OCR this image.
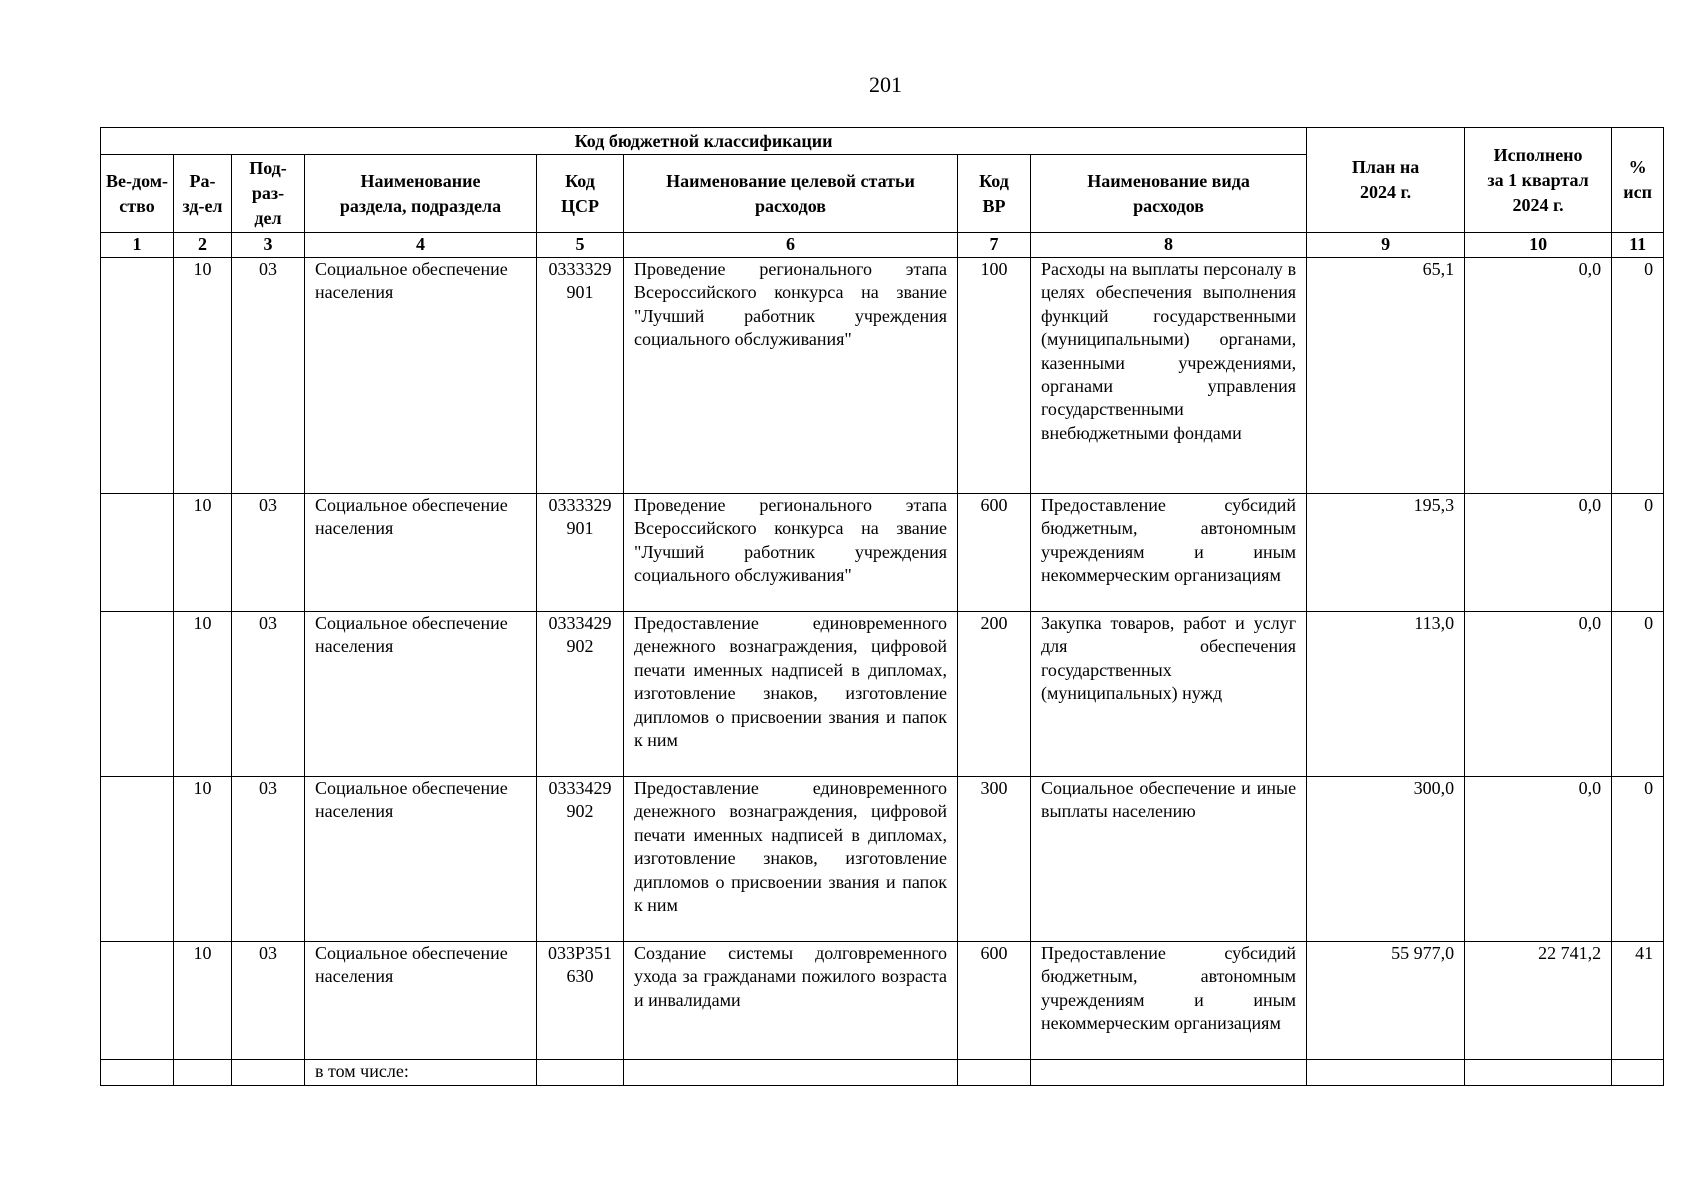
201
Код бюджетной классификации								План на 2024 г.	Исполнено за 1 квартал 2024 г.	% исп
Ве-дом-ство	Ра-зд-ел	Под-раз-дел	Наименование раздела, подраздела	Код ЦСР	Наименование целевой статьи расходов	Код ВР	Наименование вида расходов			
1	2	3	4	5	6	7	8	9	10	11
	10	03	Социальное обеспечение населения	0333329901	Проведение регионального этапа Всероссийского конкурса на звание "Лучший работник учреждения социального обслуживания"	100	Расходы на выплаты персоналу в целях обеспечения выполнения функций государственными (муниципальными) органами, казенными учреждениями, органами управления государственными внебюджетными фондами	65,1	0,0	0
	10	03	Социальное обеспечение населения	0333329901	Проведение регионального этапа Всероссийского конкурса на звание "Лучший работник учреждения социального обслуживания"	600	Предоставление субсидий бюджетным, автономным учреждениям и иным некоммерческим организациям	195,3	0,0	0
	10	03	Социальное обеспечение населения	0333429902	Предоставление единовременного денежного вознаграждения, цифровой печати именных надписей в дипломах, изготовление знаков, изготовление дипломов о присвоении звания и папок к ним	200	Закупка товаров, работ и услуг для обеспечения государственных (муниципальных) нужд	113,0	0,0	0
	10	03	Социальное обеспечение населения	0333429902	Предоставление единовременного денежного вознаграждения, цифровой печати именных надписей в дипломах, изготовление знаков, изготовление дипломов о присвоении звания и папок к ним	300	Социальное обеспечение и иные выплаты населению	300,0	0,0	0
	10	03	Социальное обеспечение населения	033Р351630	Создание системы долговременного ухода за гражданами пожилого возраста и инвалидами	600	Предоставление субсидий бюджетным, автономным учреждениям и иным некоммерческим организациям	55 977,0	22 741,2	41
			в том числе:							
